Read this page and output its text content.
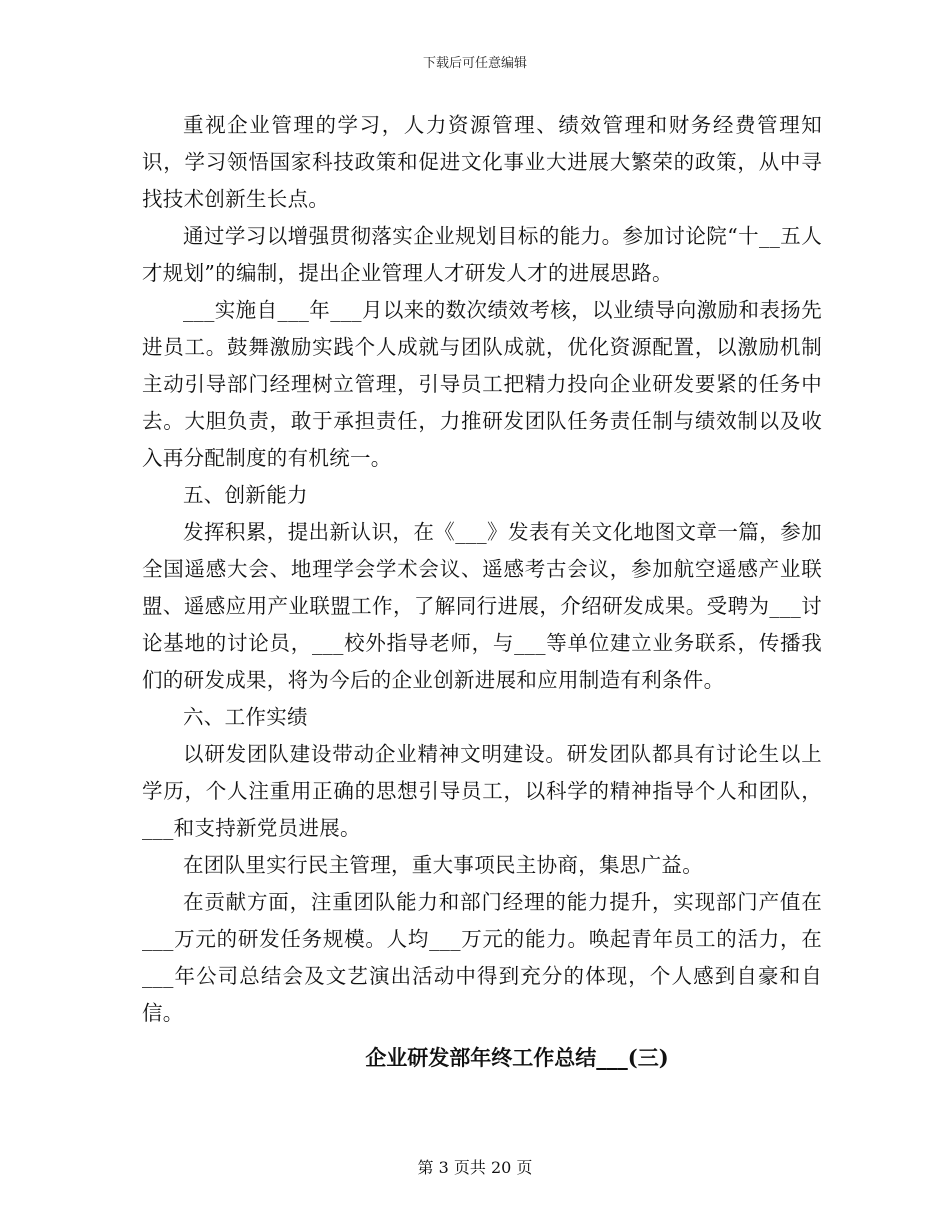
下载后可任意编辑

重视企业管理的学习，人力资源管理、绩效管理和财务经费管理知识，学习领悟国家科技政策和促进文化事业大进展大繁荣的政策，从中寻找技术创新生长点。

通过学习以增强贯彻落实企业规划目标的能力。参加讨论院“十__五人才规划”的编制，提出企业管理人才研发人才的进展思路。

___实施自___年___月以来的数次绩效考核，以业绩导向激励和表扬先进员工。鼓舞激励实践个人成就与团队成就，优化资源配置，以激励机制主动引导部门经理树立管理，引导员工把精力投向企业研发要紧的任务中去。大胆负责，敢于承担责任，力推研发团队任务责任制与绩效制以及收入再分配制度的有机统一。

五、创新能力

发挥积累，提出新认识，在《___》发表有关文化地图文章一篇，参加全国遥感大会、地理学会学术会议、遥感考古会议，参加航空遥感产业联盟、遥感应用产业联盟工作，了解同行进展，介绍研发成果。受聘为___讨论基地的讨论员，___校外指导老师，与___等单位建立业务联系，传播我们的研发成果，将为今后的企业创新进展和应用制造有利条件。

六、工作实绩

以研发团队建设带动企业精神文明建设。研发团队都具有讨论生以上学历，个人注重用正确的思想引导员工，以科学的精神指导个人和团队，___和支持新党员进展。

在团队里实行民主管理，重大事项民主协商，集思广益。

在贡献方面，注重团队能力和部门经理的能力提升，实现部门产值在___万元的研发任务规模。人均___万元的能力。唤起青年员工的活力，在___年公司总结会及文艺演出活动中得到充分的体现，个人感到自豪和自信。

企业研发部年终工作总结___(三)
第 3 页共 20 页
